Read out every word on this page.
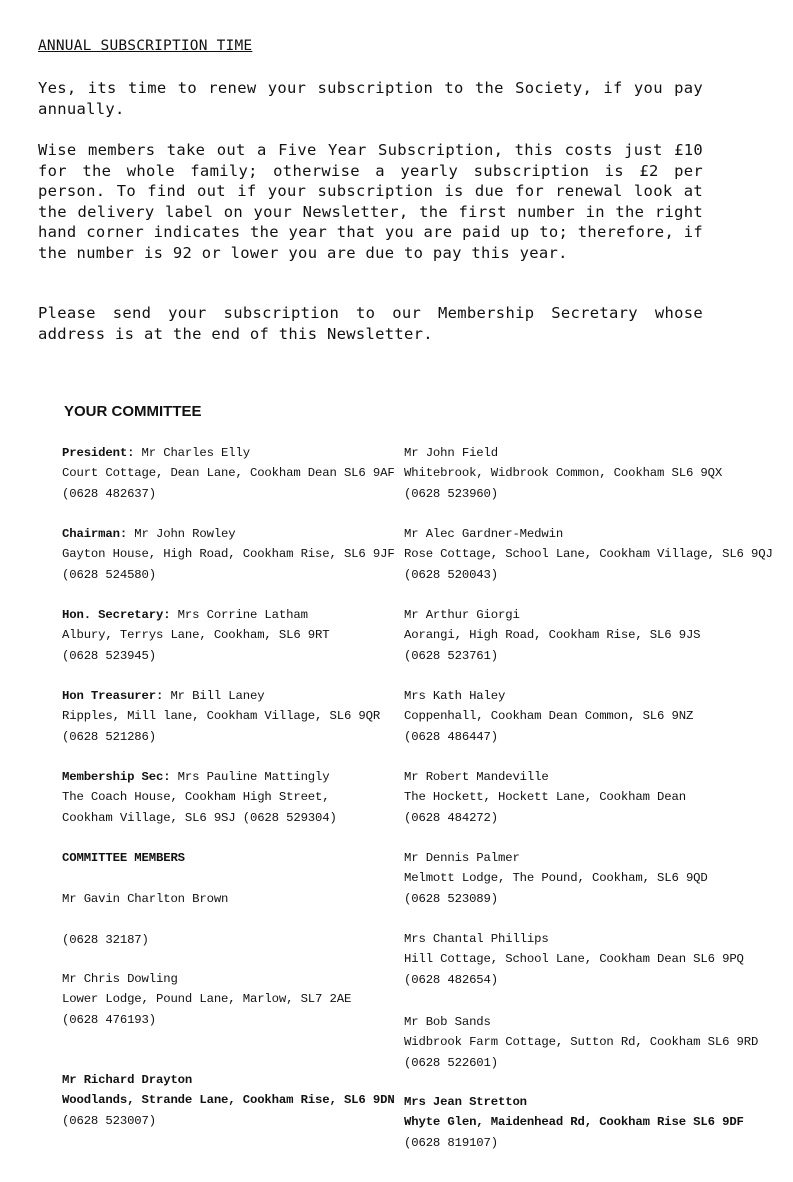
ANNUAL SUBSCRIPTION TIME

Yes, its time to renew your subscription to the Society, if you pay annually.

Wise members take out a Five Year Subscription, this costs just £10 for the whole family; otherwise a yearly subscription is £2 per person. To find out if your subscription is due for renewal look at the delivery label on your Newsletter, the first number in the right hand corner indicates the year that you are paid up to; therefore, if the number is 92 or lower you are due to pay this year.

Please send your subscription to our Membership Secretary whose address is at the end of this Newsletter.

YOUR COMMITTEE
President: Mr Charles Elly
Court Cottage, Dean Lane, Cookham Dean SL6 9AF
(0628 482637)
Chairman: Mr John Rowley
Gayton House, High Road, Cookham Rise, SL6 9JF
(0628 524580)
Hon. Secretary: Mrs Corrine Latham
Albury, Terrys Lane, Cookham, SL6 9RT
(0628 523945)
Hon Treasurer: Mr Bill Laney
Ripples, Mill lane, Cookham Village, SL6 9QR
(0628 521286)
Membership Sec: Mrs Pauline Mattingly
The Coach House, Cookham High Street,
Cookham Village, SL6 9SJ (0628 529304)
COMMITTEE MEMBERS
Mr Gavin Charlton Brown
(0628 32187)
Mr Chris Dowling
Lower Lodge, Pound Lane, Marlow, SL7 2AE
(0628 476193)
Mr Richard Drayton
Woodlands, Strande Lane, Cookham Rise, SL6 9DN
(0628 523007)
Mr John Field
Whitebrook, Widbrook Common, Cookham SL6 9QX
(0628 523960)
Mr Alec Gardner-Medwin
Rose Cottage, School Lane, Cookham Village, SL6 9QJ
(0628 520043)
Mr Arthur Giorgi
Aorangi, High Road, Cookham Rise, SL6 9JS
(0628 523761)
Mrs Kath Haley
Coppenhall, Cookham Dean Common, SL6 9NZ
(0628 486447)
Mr Robert Mandeville
The Hockett, Hockett Lane, Cookham Dean
(0628 484272)
Mr Dennis Palmer
Melmott Lodge, The Pound, Cookham, SL6 9QD
(0628 523089)
Mrs Chantal Phillips
Hill Cottage, School Lane, Cookham Dean SL6 9PQ
(0628 482654)
Mr Bob Sands
Widbrook Farm Cottage, Sutton Rd, Cookham SL6 9RD
(0628 522601)
Mrs Jean Stretton
Whyte Glen, Maidenhead Rd, Cookham Rise SL6 9DF
(0628 819107)
